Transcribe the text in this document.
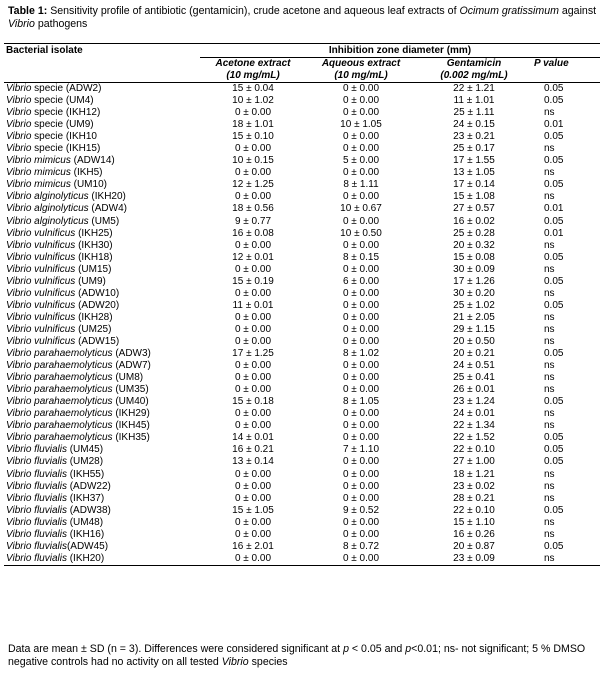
Table 1: Sensitivity profile of antibiotic (gentamicin), crude acetone and aqueous leaf extracts of Ocimum gratissimum against Vibrio pathogens
Bacterial isolate	Inhibition zone diameter (mm)			
	Acetone extract	Aqueous extract	Gentamicin	P value
	(10 mg/mL)	(10 mg/mL)	(0.002 mg/mL)	
Vibrio specie (ADW2)	15 ± 0.04	0 ± 0.00	22 ± 1.21	0.05
Vibrio specie (UM4)	10 ± 1.02	0 ± 0.00	11 ± 1.01	0.05
Vibrio specie (IKH12)	0 ± 0.00	0 ± 0.00	25 ± 1.11	ns
Vibrio specie (UM9)	18 ± 1.01	10 ± 1.05	24 ± 0.15	0.01
Vibrio specie (IKH10	15 ± 0.10	0 ± 0.00	23 ± 0.21	0.05
Vibrio specie (IKH15)	0 ± 0.00	0 ± 0.00	25 ± 0.17	ns
Vibrio mimicus (ADW14)	10 ± 0.15	5 ± 0.00	17 ± 1.55	0.05
Vibrio mimicus (IKH5)	0 ± 0.00	0 ± 0.00	13 ± 1.05	ns
Vibrio mimicus (UM10)	12 ± 1.25	8 ± 1.11	17 ± 0.14	0.05
Vibrio alginolyticus (IKH20)	0 ± 0.00	0 ± 0.00	15 ± 1.08	ns
Vibrio alginolyticus (ADW4)	18 ± 0.56	10 ± 0.67	27 ± 0.57	0.01
Vibrio alginolyticus (UM5)	9 ± 0.77	0 ± 0.00	16 ± 0.02	0.05
Vibrio vulnificus (IKH25)	16 ± 0.08	10 ± 0.50	25 ± 0.28	0.01
Vibrio vulnificus (IKH30)	0 ± 0.00	0 ± 0.00	20 ± 0.32	ns
Vibrio vulnificus (IKH18)	12 ± 0.01	8 ± 0.15	15 ± 0.08	0.05
Vibrio vulnificus (UM15)	0 ± 0.00	0 ± 0.00	30 ± 0.09	ns
Vibrio vulnificus (UM9)	15 ± 0.19	6 ± 0.00	17 ± 1.26	0.05
Vibrio vulnificus (ADW10)	0 ± 0.00	0 ± 0.00	30 ± 0.20	ns
Vibrio vulnificus (ADW20)	11 ± 0.01	0 ± 0.00	25 ± 1.02	0.05
Vibrio vulnificus (IKH28)	0 ± 0.00	0 ± 0.00	21 ± 2.05	ns
Vibrio vulnificus (UM25)	0 ± 0.00	0 ± 0.00	29 ± 1.15	ns
Vibrio vulnificus (ADW15)	0 ± 0.00	0 ± 0.00	20 ± 0.50	ns
Vibrio parahaemolyticus (ADW3)	17 ± 1.25	8 ± 1.02	20 ± 0.21	0.05
Vibrio parahaemolyticus (ADW7)	0 ± 0.00	0 ± 0.00	24 ± 0.51	ns
Vibrio parahaemolyticus (UM8)	0 ± 0.00	0 ± 0.00	25 ± 0.41	ns
Vibrio parahaemolyticus (UM35)	0 ± 0.00	0 ± 0.00	26 ± 0.01	ns
Vibrio parahaemolyticus (UM40)	15 ± 0.18	8 ± 1.05	23 ± 1.24	0.05
Vibrio parahaemolyticus (IKH29)	0 ± 0.00	0 ± 0.00	24 ± 0.01	ns
Vibrio parahaemolyticus (IKH45)	0 ± 0.00	0 ± 0.00	22 ± 1.34	ns
Vibrio parahaemolyticus (IKH35)	14 ± 0.01	0 ± 0.00	22 ± 1.52	0.05
Vibrio fluvialis (UM45)	16 ± 0.21	7 ± 1.10	22 ± 0.10	0.05
Vibrio fluvialis (UM28)	13 ± 0.14	0 ± 0.00	27 ± 1.00	0.05
Vibrio fluvialis (IKH55)	0 ± 0.00	0 ± 0.00	18 ± 1.21	ns
Vibrio fluvialis (ADW22)	0 ± 0.00	0 ± 0.00	23 ± 0.02	ns
Vibrio fluvialis (IKH37)	0 ± 0.00	0 ± 0.00	28 ± 0.21	ns
Vibrio fluvialis (ADW38)	15 ± 1.05	9 ± 0.52	22 ± 0.10	0.05
Vibrio fluvialis (UM48)	0 ± 0.00	0 ± 0.00	15 ± 1.10	ns
Vibrio fluvialis (IKH16)	0 ± 0.00	0 ± 0.00	16 ± 0.26	ns
Vibrio fluvialis(ADW45)	16 ± 2.01	8 ± 0.72	20 ± 0.87	0.05
Vibrio fluvialis (IKH20)	0 ± 0.00	0 ± 0.00	23 ± 0.09	ns
Data are mean ± SD (n = 3). Differences were considered significant at p < 0.05 and p<0.01; ns- not significant; 5 % DMSO negative controls had no activity on all tested Vibrio species
